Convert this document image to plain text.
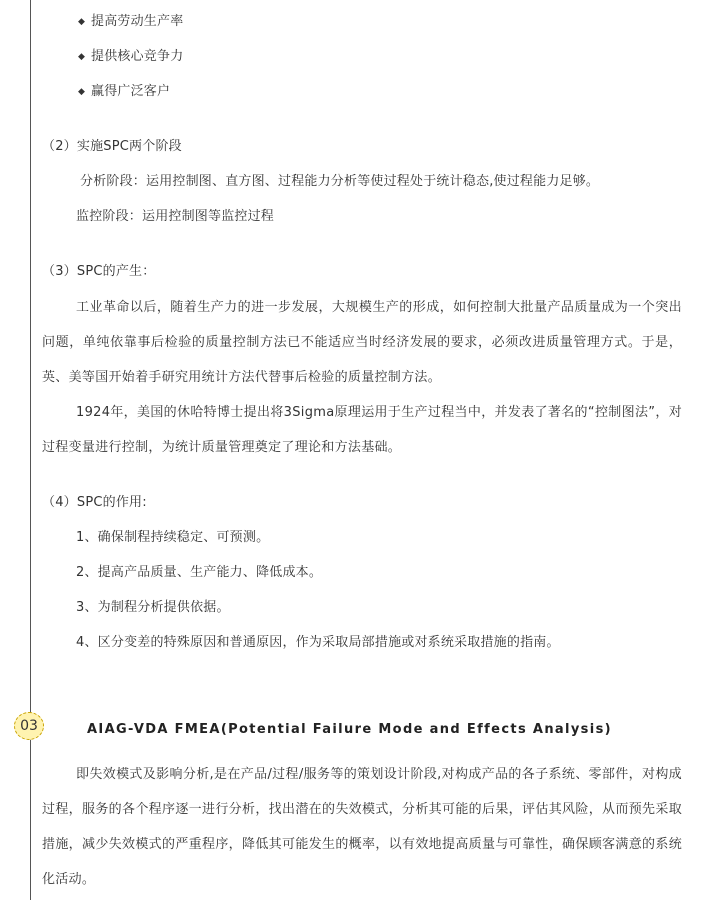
◆ 提高劳动生产率
◆ 提供核心竞争力
◆ 赢得广泛客户
（2）实施SPC两个阶段
分析阶段：运用控制图、直方图、过程能力分析等使过程处于统计稳态,使过程能力足够。
监控阶段：运用控制图等监控过程
（3）SPC的产生：
工业革命以后，随着生产力的进一步发展，大规模生产的形成，如何控制大批量产品质量成为一个突出问题，单纯依靠事后检验的质量控制方法已不能适应当时经济发展的要求，必须改进质量管理方式。于是，英、美等国开始着手研究用统计方法代替事后检验的质量控制方法。
1924年，美国的休哈特博士提出将3Sigma原理运用于生产过程当中，并发表了著名的“控制图法”，对过程变量进行控制，为统计质量管理奠定了理论和方法基础。
（4）SPC的作用:
1、确保制程持续稳定、可预测。
2、提高产品质量、生产能力、降低成本。
3、为制程分析提供依据。
4、区分变差的特殊原因和普通原因，作为采取局部措施或对系统采取措施的指南。
03	AIAG-VDA FMEA(Potential Failure Mode and Effects Analysis)
即失效模式及影响分析,是在产品/过程/服务等的策划设计阶段,对构成产品的各子系统、零部件，对构成过程，服务的各个程序逐一进行分析，找出潜在的失效模式，分析其可能的后果，评估其风险，从而预先采取措施，减少失效模式的严重程序，降低其可能发生的概率，以有效地提高质量与可靠性，确保顾客满意的系统化活动。
